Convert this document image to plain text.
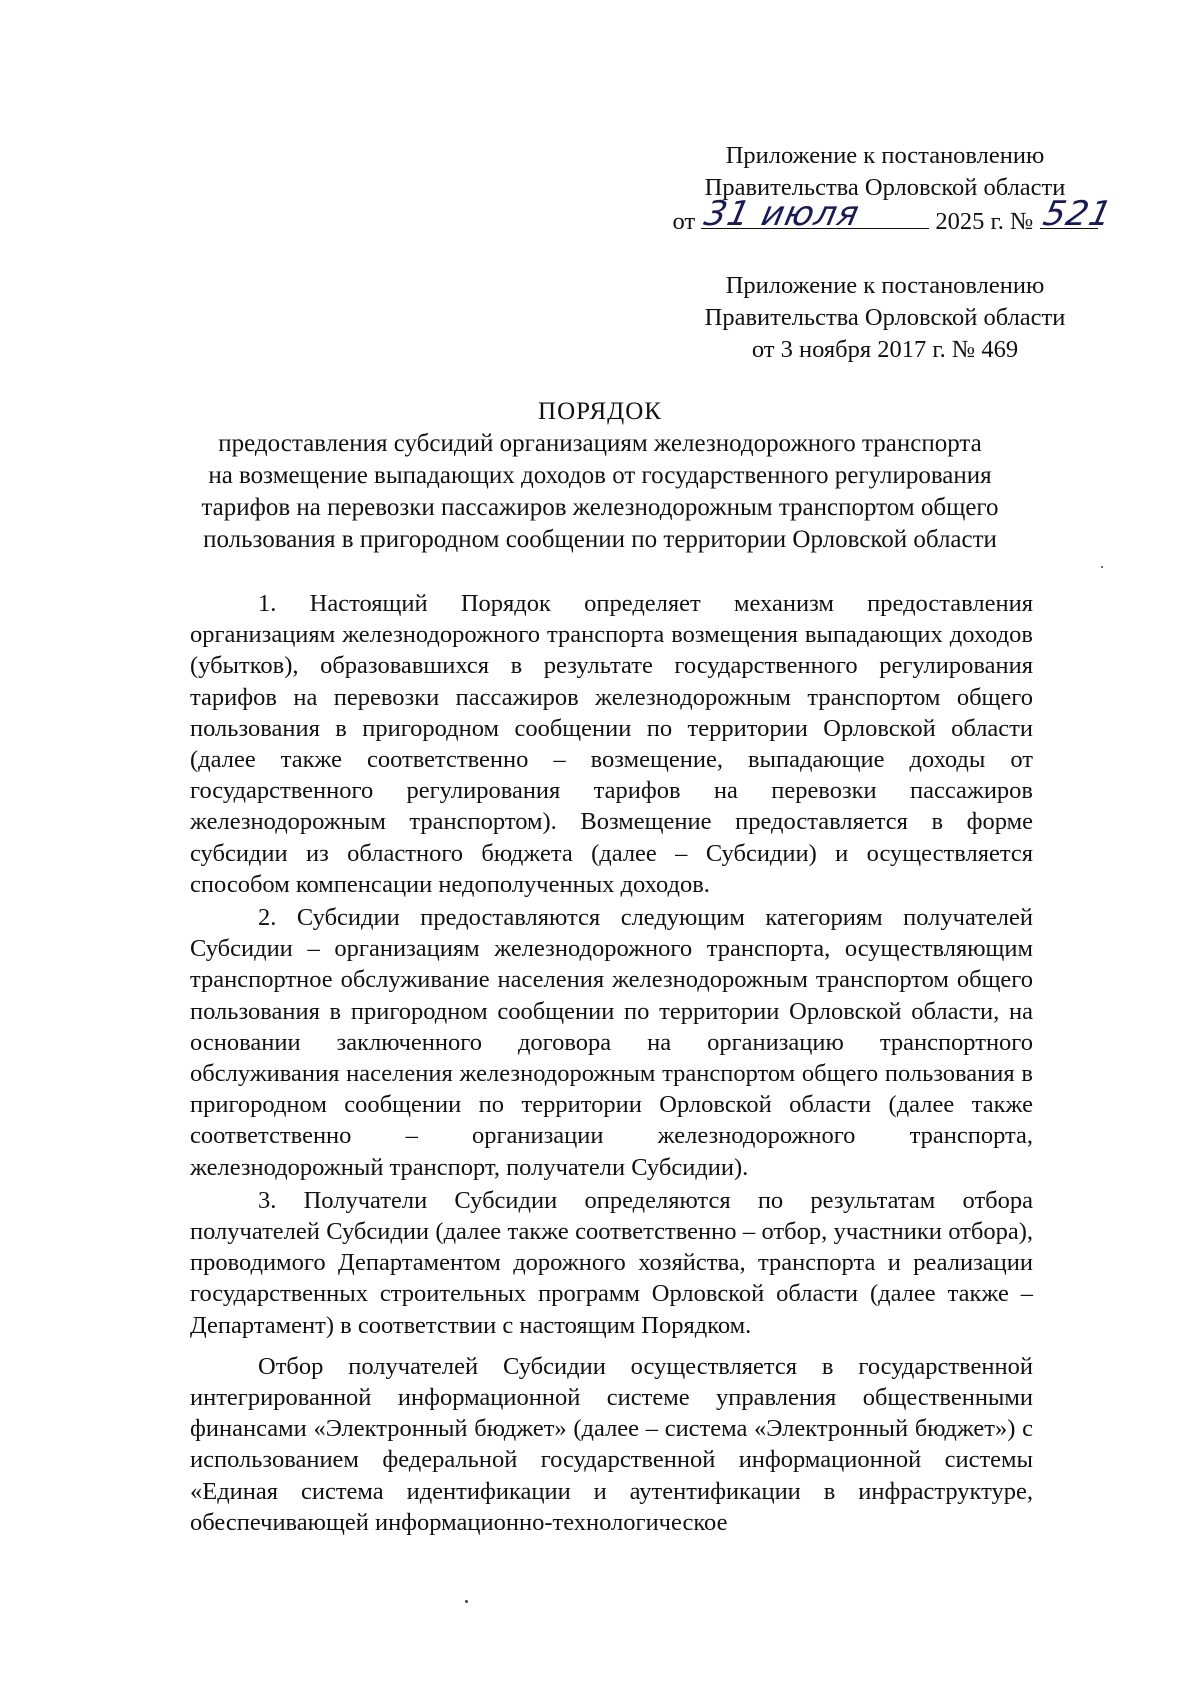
Приложение к постановлению
Правительства Орловской области
от 31 июля	2025 г. № 521
Приложение к постановлению
Правительства Орловской области
от 3 ноября 2017 г. № 469
ПОРЯДОК
предоставления субсидий организациям железнодорожного транспорта
на возмещение выпадающих доходов от государственного регулирования
тарифов на перевозки пассажиров железнодорожным транспортом общего
пользования в пригородном сообщении по территории Орловской области

1. Настоящий Порядок определяет механизм предоставления организациям железнодорожного транспорта возмещения выпадающих доходов (убытков), образовавшихся в результате государственного регулирования тарифов на перевозки пассажиров железнодорожным транспортом общего пользования в пригородном сообщении по территории Орловской области (далее также соответственно – возмещение, выпадающие доходы от государственного регулирования тарифов на перевозки пассажиров железнодорожным транспортом). Возмещение предоставляется в форме субсидии из областного бюджета (далее – Субсидии) и осуществляется способом компенсации недополученных доходов.

2. Субсидии предоставляются следующим категориям получателей Субсидии – организациям железнодорожного транспорта, осуществляющим транспортное обслуживание населения железнодорожным транспортом общего пользования в пригородном сообщении по территории Орловской области, на основании заключенного договора на организацию транспортного обслуживания населения железнодорожным транспортом общего пользования в пригородном сообщении по территории Орловской области (далее также соответственно – организации железнодорожного транспорта, железнодорожный транспорт, получатели Субсидии).

3. Получатели Субсидии определяются по результатам отбора получателей Субсидии (далее также соответственно – отбор, участники отбора), проводимого Департаментом дорожного хозяйства, транспорта и реализации государственных строительных программ Орловской области (далее также – Департамент) в соответствии с настоящим Порядком.

Отбор получателей Субсидии осуществляется в государственной интегрированной информационной системе управления общественными финансами «Электронный бюджет» (далее – система «Электронный бюджет») с использованием федеральной государственной информационной системы «Единая система идентификации и аутентификации в инфраструктуре, обеспечивающей информационно-технологическое
